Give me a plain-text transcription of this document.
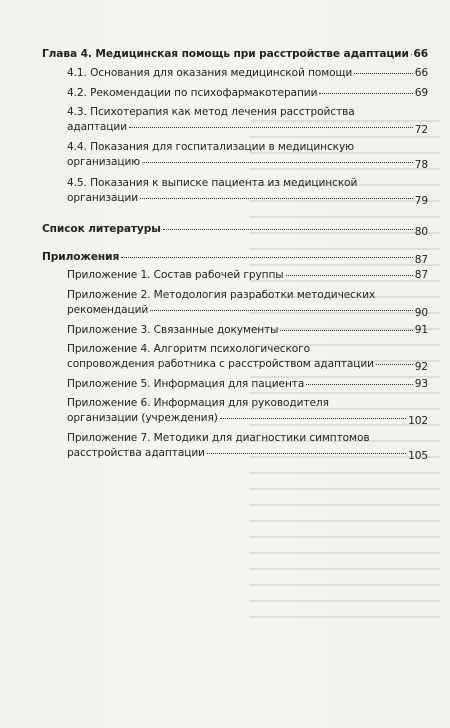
Глава 4. Медицинская помощь при расстройстве адаптации 66
4.1. Основания для оказания медицинской помощи	66
4.2. Рекомендации по психофармакотерапии	69
4.3. Психотерапия как метод лечения расстройства
адаптации	72
4.4. Показания для госпитализации в медицинскую
организацию	78
4.5. Показания к выписке пациента из медицинской
организации	79
Список литературы	80
Приложения	87
Приложение 1. Состав рабочей группы	87
Приложение 2. Методология разработки методических
рекомендаций	90
Приложение 3. Связанные документы	91
Приложение 4. Алгоритм психологического
сопровождения работника с расстройством адаптации	92
Приложение 5. Информация для пациента	93
Приложение 6. Информация для руководителя
организации (учреждения)	102
Приложение 7. Методики для диагностики симптомов
расстройства адаптации	105
